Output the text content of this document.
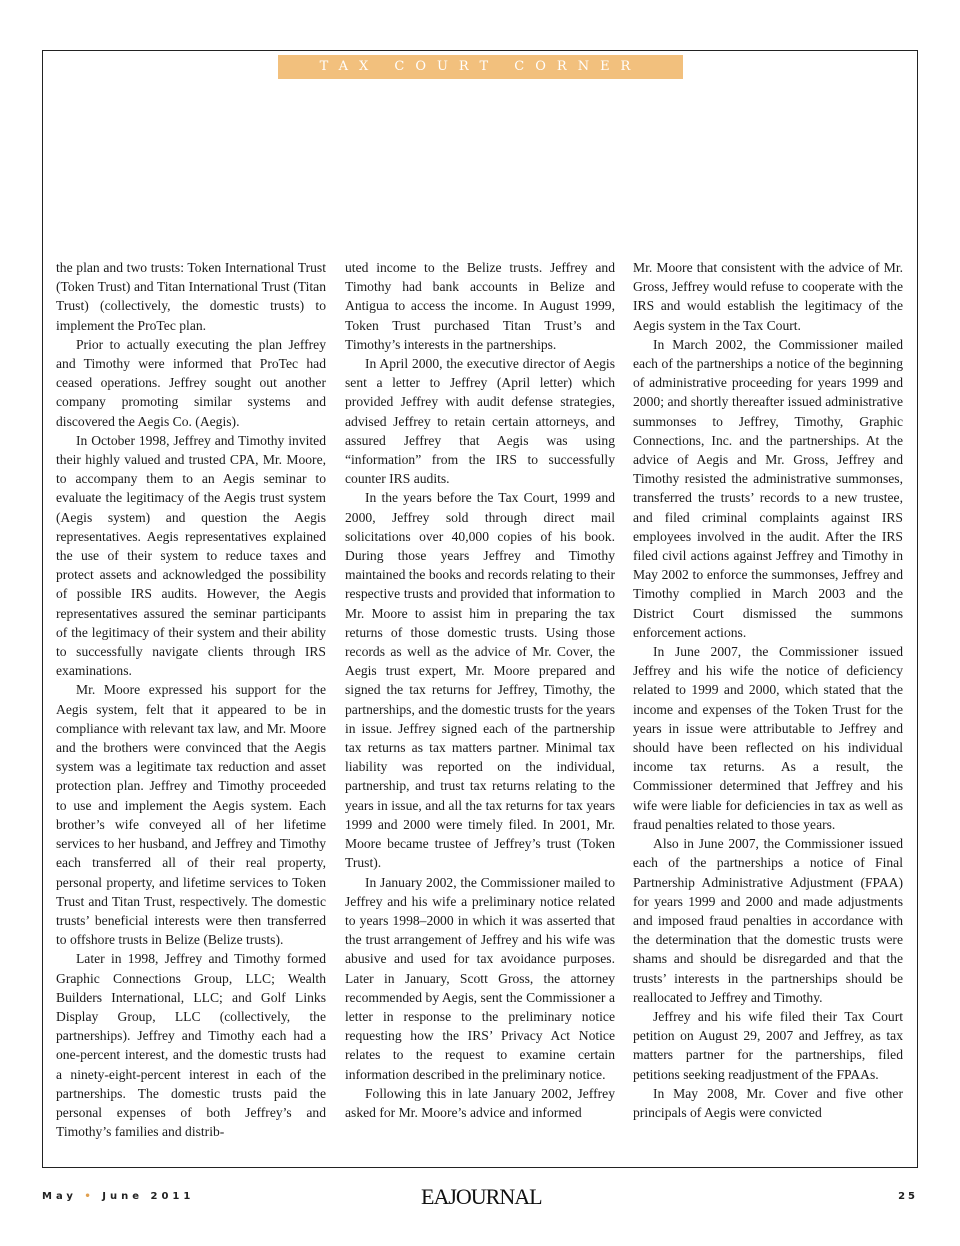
TAX COURT CORNER

the plan and two trusts: Token International Trust (Token Trust) and Titan International Trust (Titan Trust) (collectively, the domestic trusts) to implement the ProTec plan.

Prior to actually executing the plan Jeffrey and Timothy were informed that ProTec had ceased operations. Jeffrey sought out another company promoting similar systems and discovered the Aegis Co. (Aegis).

In October 1998, Jeffrey and Timothy invited their highly valued and trusted CPA, Mr. Moore, to accompany them to an Aegis seminar to evaluate the legitimacy of the Aegis trust system (Aegis system) and question the Aegis representatives. Aegis representatives explained the use of their system to reduce taxes and protect assets and acknowledged the possibility of possible IRS audits. However, the Aegis representatives assured the seminar participants of the legitimacy of their system and their ability to successfully navigate clients through IRS examinations.

Mr. Moore expressed his support for the Aegis system, felt that it appeared to be in compliance with relevant tax law, and Mr. Moore and the brothers were convinced that the Aegis system was a legitimate tax reduction and asset protection plan. Jeffrey and Timothy proceeded to use and implement the Aegis system. Each brother’s wife conveyed all of her lifetime services to her husband, and Jeffrey and Timothy each transferred all of their real property, personal property, and lifetime services to Token Trust and Titan Trust, respectively. The domestic trusts’ beneficial interests were then transferred to offshore trusts in Belize (Belize trusts).

Later in 1998, Jeffrey and Timothy formed Graphic Connections Group, LLC; Wealth Builders International, LLC; and Golf Links Display Group, LLC (collectively, the partnerships). Jeffrey and Timothy each had a one-percent interest, and the domestic trusts had a ninety-eight-percent interest in each of the partnerships. The domestic trusts paid the personal expenses of both Jeffrey’s and Timothy’s families and distrib-

uted income to the Belize trusts. Jeffrey and Timothy had bank accounts in Belize and Antigua to access the income. In August 1999, Token Trust purchased Titan Trust’s and Timothy’s interests in the partnerships.

In April 2000, the executive director of Aegis sent a letter to Jeffrey (April letter) which provided Jeffrey with audit defense strategies, advised Jeffrey to retain certain attorneys, and assured Jeffrey that Aegis was using “information” from the IRS to successfully counter IRS audits.

In the years before the Tax Court, 1999 and 2000, Jeffrey sold through direct mail solicitations over 40,000 copies of his book. During those years Jeffrey and Timothy maintained the books and records relating to their respective trusts and provided that information to Mr. Moore to assist him in preparing the tax returns of those domestic trusts. Using those records as well as the advice of Mr. Cover, the Aegis trust expert, Mr. Moore prepared and signed the tax returns for Jeffrey, Timothy, the partnerships, and the domestic trusts for the years in issue. Jeffrey signed each of the partnership tax returns as tax matters partner. Minimal tax liability was reported on the individual, partnership, and trust tax returns relating to the years in issue, and all the tax returns for tax years 1999 and 2000 were timely filed. In 2001, Mr. Moore became trustee of Jeffrey’s trust (Token Trust).

In January 2002, the Commissioner mailed to Jeffrey and his wife a preliminary notice related to years 1998–2000 in which it was asserted that the trust arrangement of Jeffrey and his wife was abusive and used for tax avoidance purposes. Later in January, Scott Gross, the attorney recommended by Aegis, sent the Commissioner a letter in response to the preliminary notice requesting how the IRS’ Privacy Act Notice relates to the request to examine certain information described in the preliminary notice.

Following this in late January 2002, Jeffrey asked for Mr. Moore’s advice and informed

Mr. Moore that consistent with the advice of Mr. Gross, Jeffrey would refuse to cooperate with the IRS and would establish the legitimacy of the Aegis system in the Tax Court.

In March 2002, the Commissioner mailed each of the partnerships a notice of the beginning of administrative proceeding for years 1999 and 2000; and shortly thereafter issued administrative summonses to Jeffrey, Timothy, Graphic Connections, Inc. and the partnerships. At the advice of Aegis and Mr. Gross, Jeffrey and Timothy resisted the administrative summonses, transferred the trusts’ records to a new trustee, and filed criminal complaints against IRS employees involved in the audit. After the IRS filed civil actions against Jeffrey and Timothy in May 2002 to enforce the summonses, Jeffrey and Timothy complied in March 2003 and the District Court dismissed the summons enforcement actions.

In June 2007, the Commissioner issued Jeffrey and his wife the notice of deficiency related to 1999 and 2000, which stated that the income and expenses of the Token Trust for the years in issue were attributable to Jeffrey and should have been reflected on his individual income tax returns. As a result, the Commissioner determined that Jeffrey and his wife were liable for deficiencies in tax as well as fraud penalties related to those years.

Also in June 2007, the Commissioner issued each of the partnerships a notice of Final Partnership Administrative Adjustment (FPAA) for years 1999 and 2000 and made adjustments and imposed fraud penalties in accordance with the determination that the domestic trusts were shams and should be disregarded and that the trusts’ interests in the partnerships should be reallocated to Jeffrey and Timothy.

Jeffrey and his wife filed their Tax Court petition on August 29, 2007 and Jeffrey, as tax matters partner for the partnerships, filed petitions seeking readjustment of the FPAAs.

In May 2008, Mr. Cover and five other principals of Aegis were convicted

May • June 2011	EAJOURNAL	25
